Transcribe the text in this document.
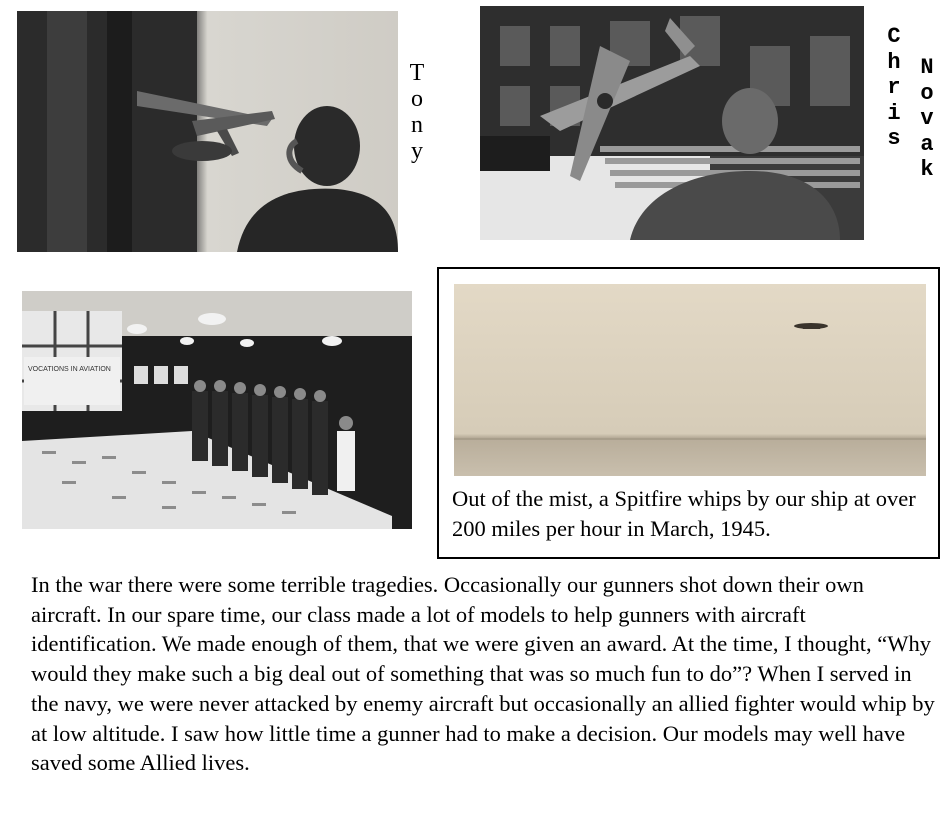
Tony
Chris
Novak
VOCATIONS IN AVIATION
Out of the mist, a Spitfire whips by our ship at over 200 miles per hour in March, 1945.

In the war there were some terrible tragedies. Occasionally our gunners shot down their own aircraft. In our spare time, our class made a lot of models to help gunners with aircraft identification. We made enough of them, that we were given an award. At the time, I thought, “Why would they make such a big deal out of something that was so much fun to do”? When I served in the navy, we were never attacked by enemy aircraft but occasionally an allied fighter would whip by at low altitude. I saw how little time a gunner had to make a decision. Our models may well have saved some Allied lives.
